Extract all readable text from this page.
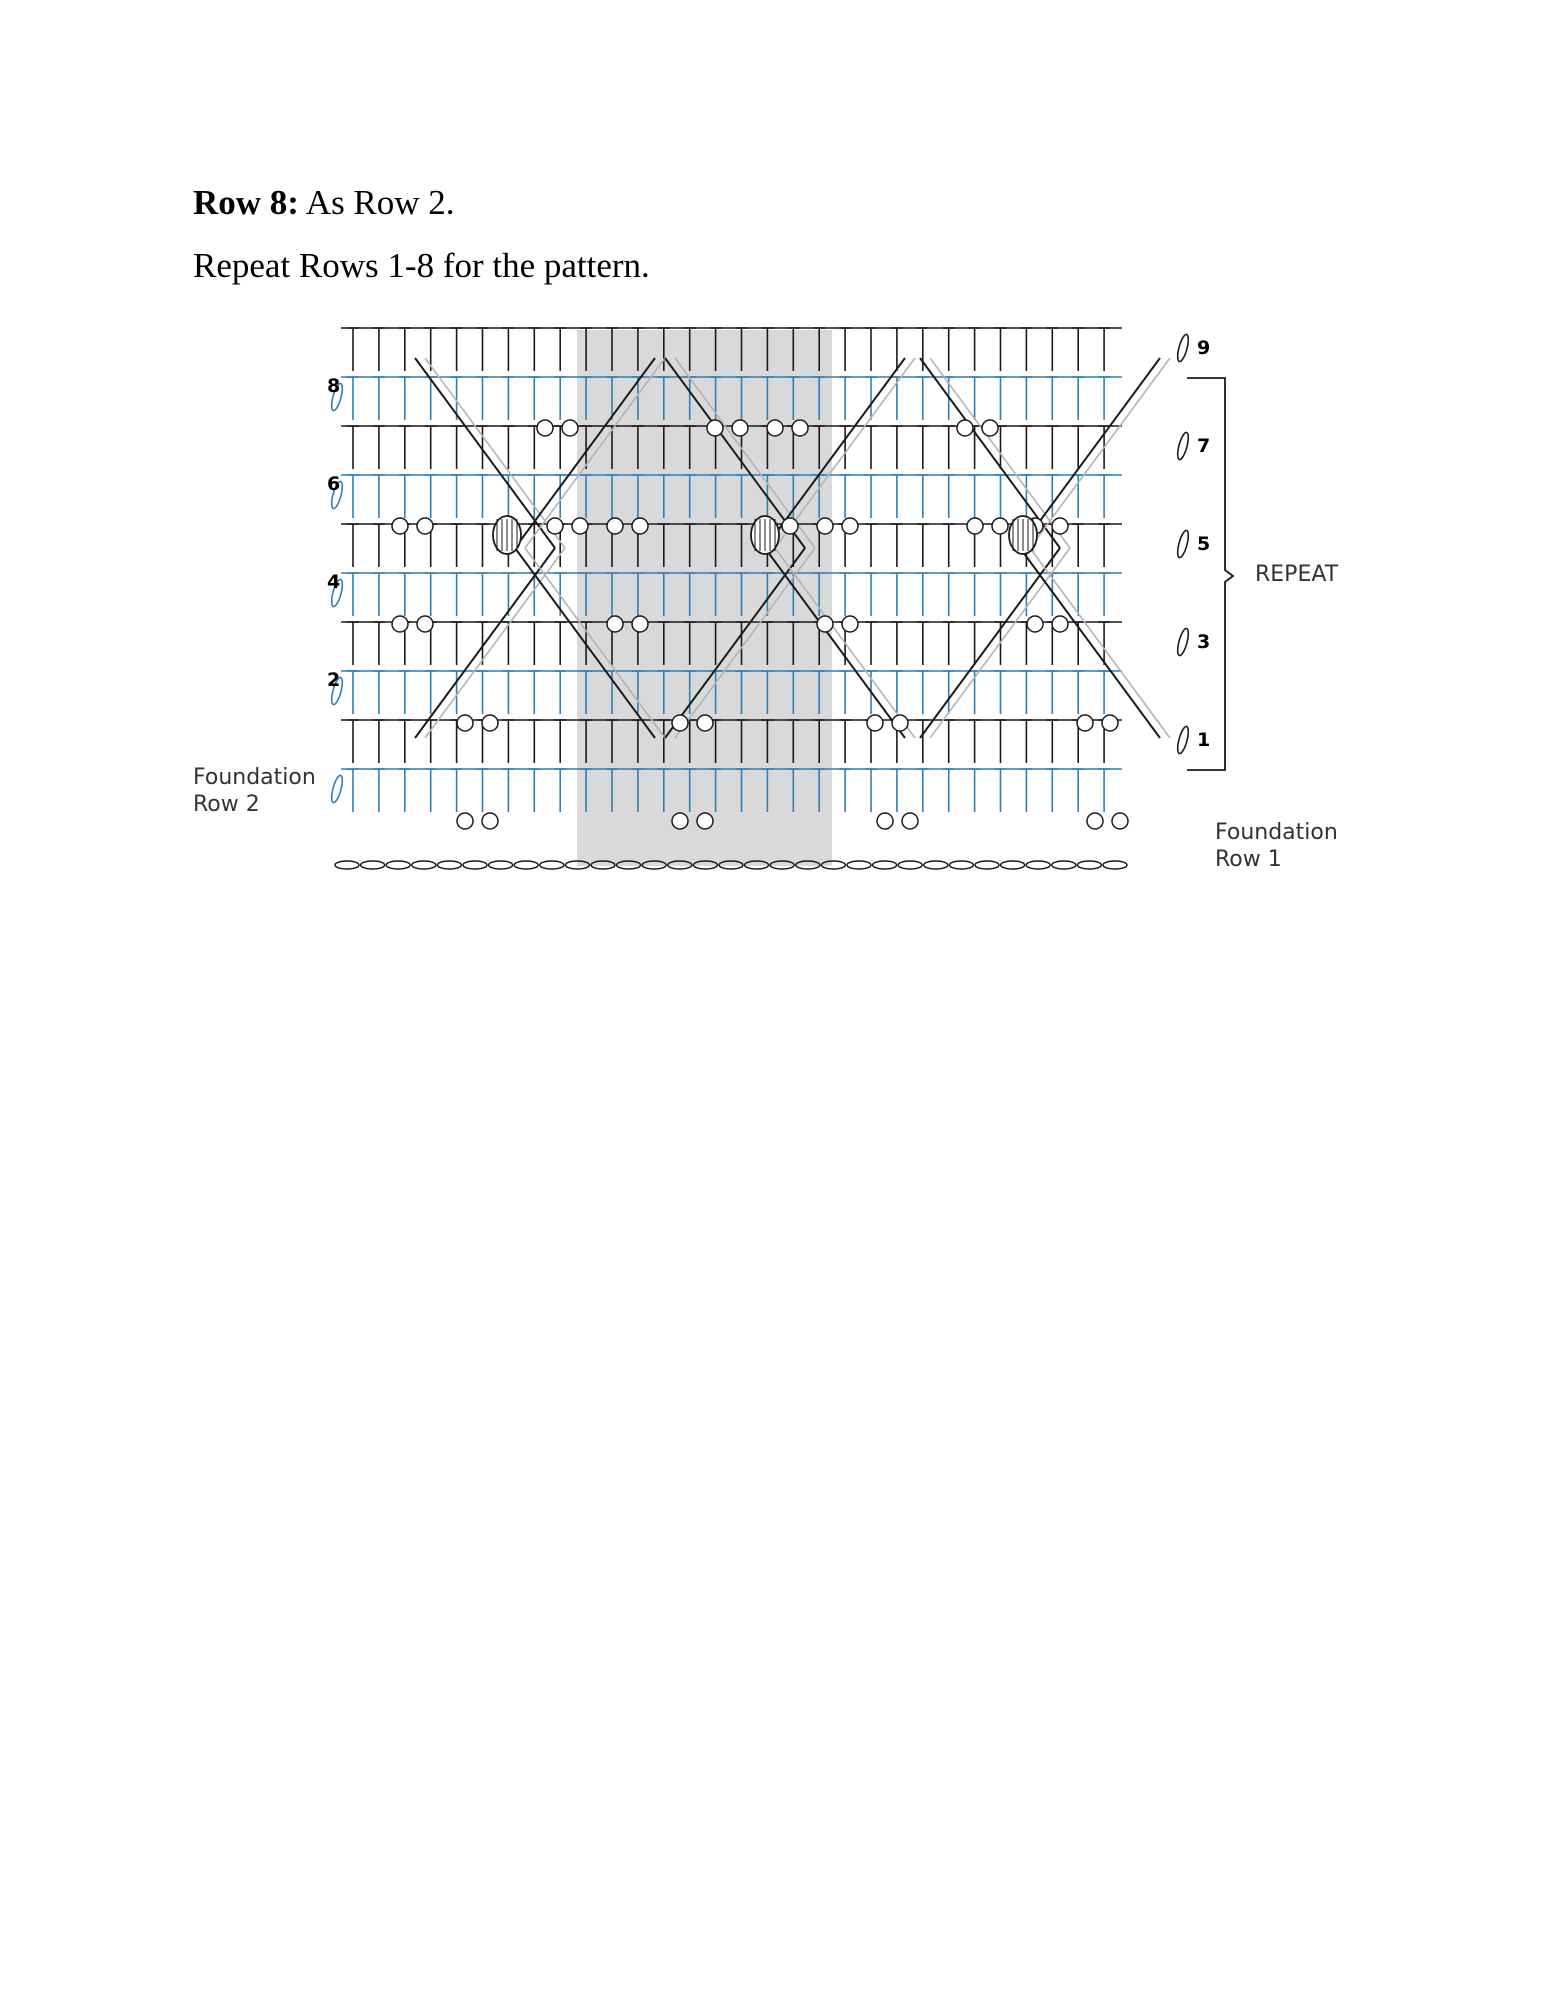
Row 8: As Row 2.
Repeat Rows 1-8 for the pattern.
8
6
4
2
9
7
5
3
1
Foundation
Row 2
Foundation
Row 1
REPEAT
